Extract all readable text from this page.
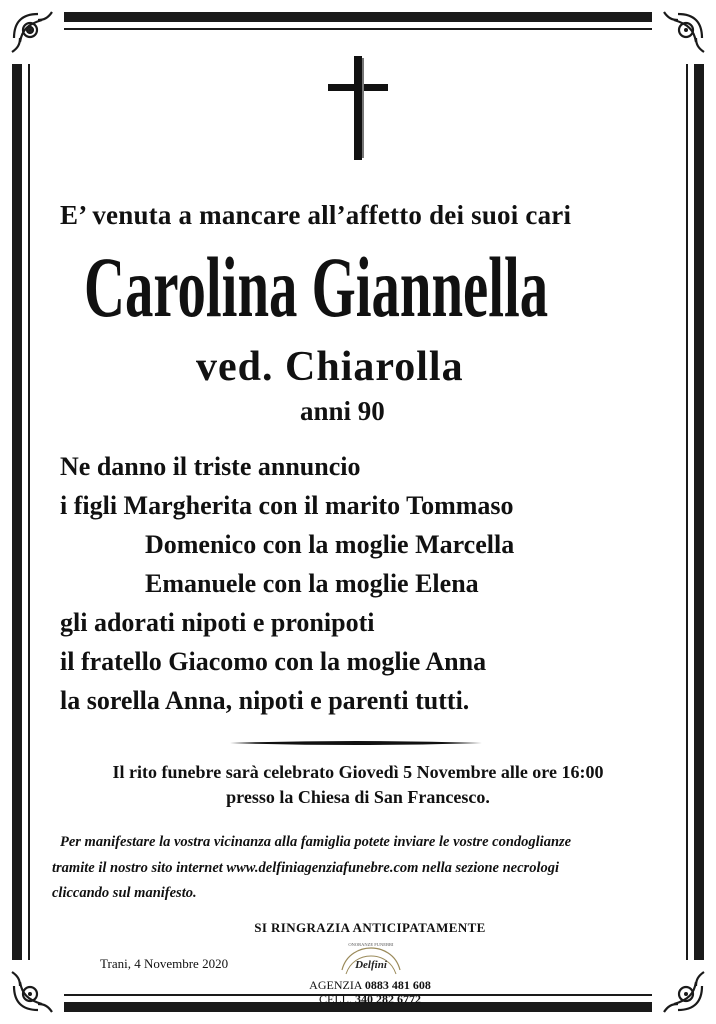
E’ venuta a mancare all’affetto dei suoi cari
Carolina Giannella
ved. Chiarolla
anni 90
Ne danno il triste annuncio
i figli Margherita con il marito Tommaso
Domenico con la moglie Marcella
Emanuele con la moglie Elena
gli adorati nipoti e pronipoti
il fratello Giacomo con la moglie Anna
la sorella Anna, nipoti e parenti tutti.
Il rito funebre sarà celebrato Giovedì 5 Novembre alle ore 16:00
presso la Chiesa di San Francesco.
Per manifestare la vostra vicinanza alla famiglia potete inviare le vostre condoglianze
tramite il nostro sito internet www.delfiniagenziafunebre.com nella sezione necrologi
cliccando sul manifesto.
SI RINGRAZIA ANTICIPATAMENTE
Trani, 4 Novembre 2020
ONORANZE FUNEBRI
Delfini
AGENZIA 0883 481 608
CELL. 340 282 6772
